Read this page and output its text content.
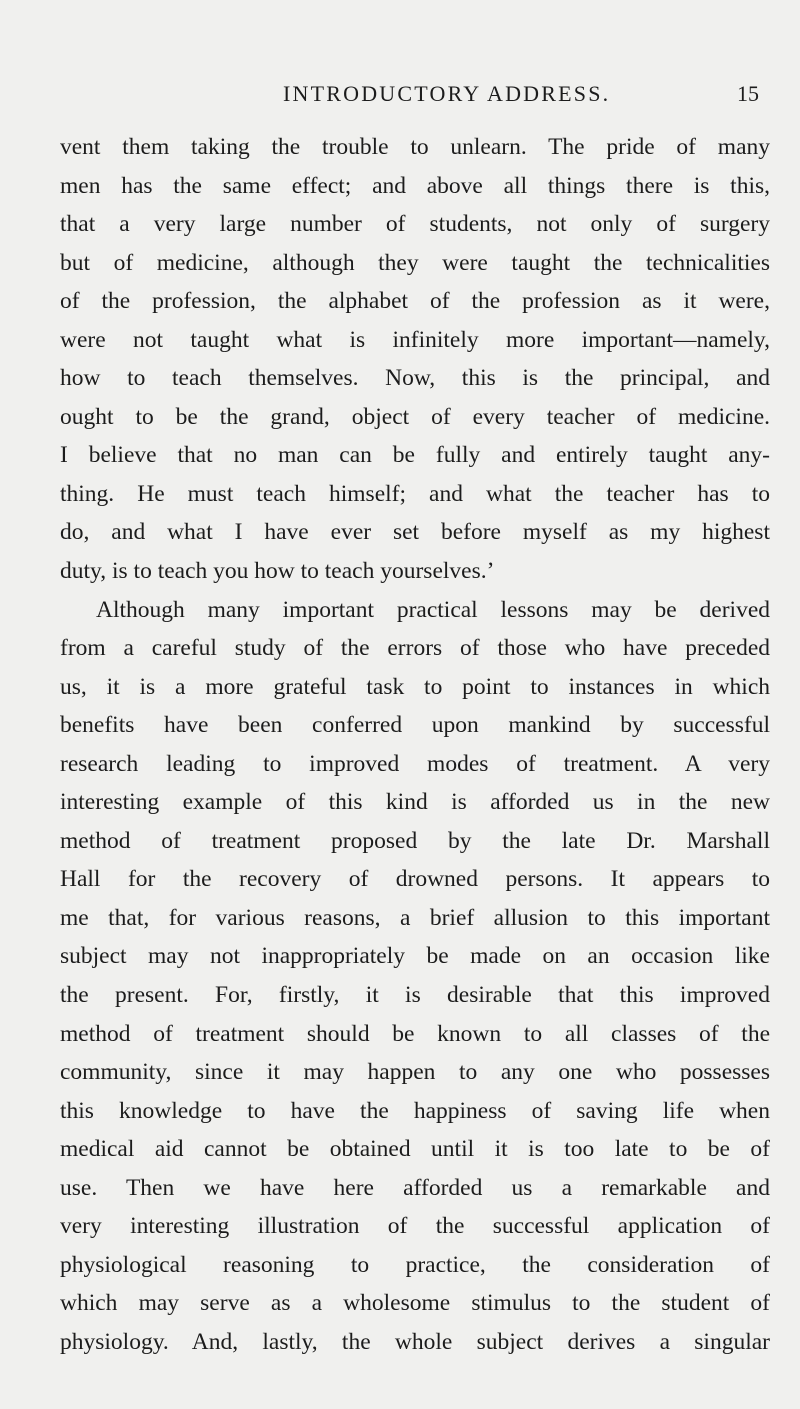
INTRODUCTORY ADDRESS.	15
vent them taking the trouble to unlearn. The pride of many
men has the same effect; and above all things there is this,
that a very large number of students, not only of surgery
but of medicine, although they were taught the technicalities
of the profession, the alphabet of the profession as it were,
were not taught what is infinitely more important—namely,
how to teach themselves. Now, this is the principal, and
ought to be the grand, object of every teacher of medicine.
I believe that no man can be fully and entirely taught any-
thing. He must teach himself; and what the teacher has to
do, and what I have ever set before myself as my highest
duty, is to teach you how to teach yourselves.’
Although many important practical lessons may be derived
from a careful study of the errors of those who have preceded
us, it is a more grateful task to point to instances in which
benefits have been conferred upon mankind by successful
research leading to improved modes of treatment. A very
interesting example of this kind is afforded us in the new
method of treatment proposed by the late Dr. Marshall
Hall for the recovery of drowned persons. It appears to
me that, for various reasons, a brief allusion to this important
subject may not inappropriately be made on an occasion like
the present. For, firstly, it is desirable that this improved
method of treatment should be known to all classes of the
community, since it may happen to any one who possesses
this knowledge to have the happiness of saving life when
medical aid cannot be obtained until it is too late to be of
use. Then we have here afforded us a remarkable and
very interesting illustration of the successful application of
physiological reasoning to practice, the consideration of
which may serve as a wholesome stimulus to the student of
physiology. And, lastly, the whole subject derives a singular
